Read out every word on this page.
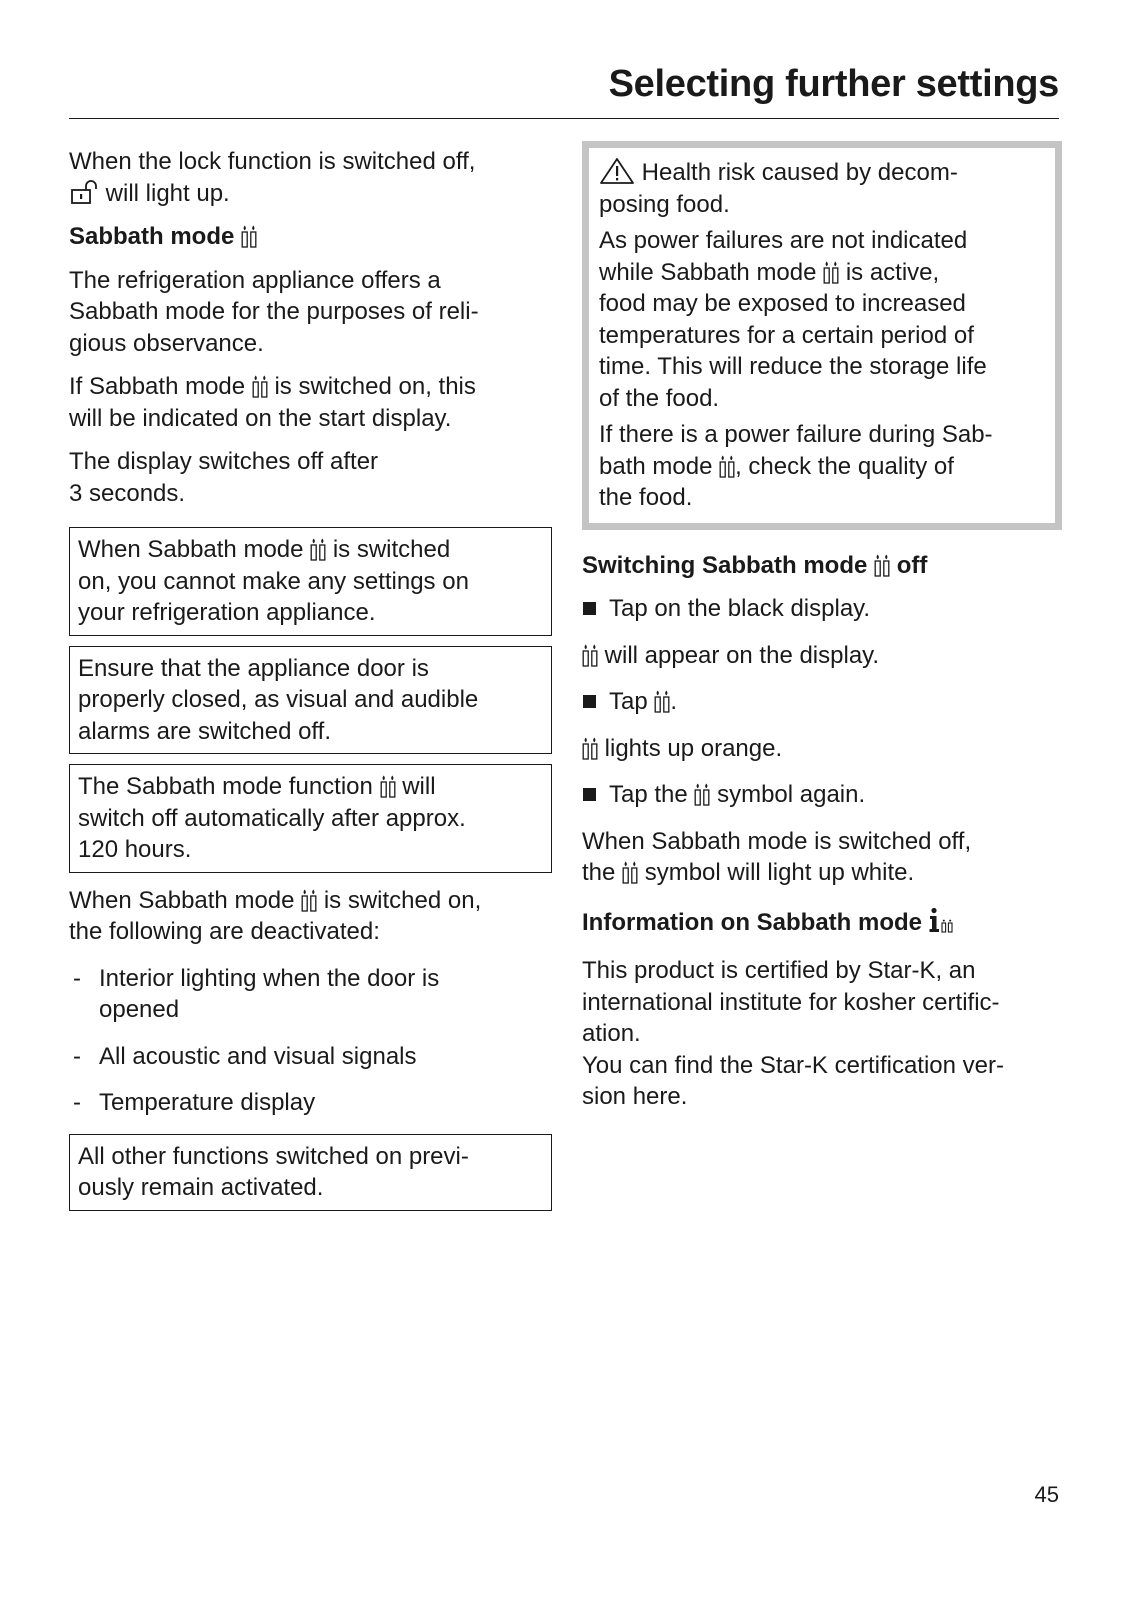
Selecting further settings
When the lock function is switched off,
will light up.
Sabbath mode
The refrigeration appliance offers a
Sabbath mode for the purposes of reli-
gious observance.
If Sabbath mode is switched on, this
will be indicated on the start display.
The display switches off after
3 seconds.
When Sabbath mode is switched
on, you cannot make any settings on
your refrigeration appliance.
Ensure that the appliance door is
properly closed, as visual and audible
alarms are switched off.
The Sabbath mode function will
switch off automatically after approx.
120 hours.
When Sabbath mode is switched on,
the following are deactivated:
- Interior lighting when the door is
opened
- All acoustic and visual signals
- Temperature display
All other functions switched on previ-
ously remain activated.
Health risk caused by decom-
posing food.
As power failures are not indicated
while Sabbath mode is active,
food may be exposed to increased
temperatures for a certain period of
time. This will reduce the storage life
of the food.
If there is a power failure during Sab-
bath mode , check the quality of
the food.
Switching Sabbath mode off
Tap on the black display.
will appear on the display.
Tap .
lights up orange.
Tap the symbol again.
When Sabbath mode is switched off,
the symbol will light up white.
Information on Sabbath mode
This product is certified by Star-K, an
international institute for kosher certific-
ation.
You can find the Star-K certification ver-
sion here.
45
